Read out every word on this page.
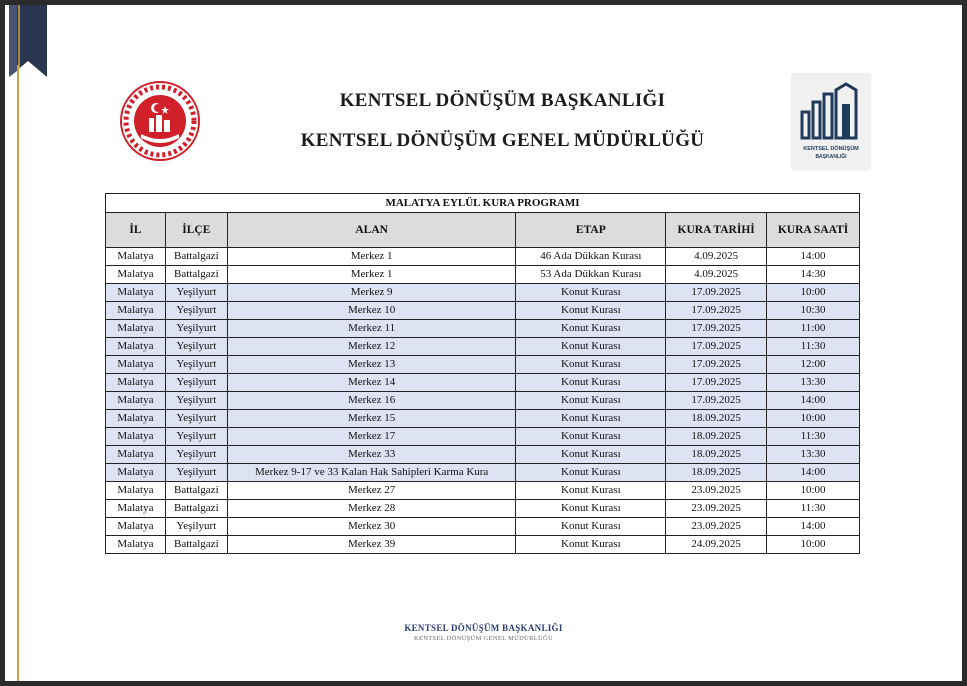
KENTSEL DÖNÜŞÜM BAŞKANLIĞI
KENTSEL DÖNÜŞÜM GENEL MÜDÜRLÜĞÜ	KENTSEL DÖNÜŞÜM
BAŞKANLIĞI
MALATYA EYLÜL KURA PROGRAMI					
İL	İLÇE	ALAN	ETAP	KURA TARİHİ	KURA SAATİ
Malatya	Battalgazi	Merkez 1	46 Ada Dükkan Kurası	4.09.2025	14:00
Malatya	Battalgazi	Merkez 1	53 Ada Dükkan Kurası	4.09.2025	14:30
Malatya	Yeşilyurt	Merkez 9	Konut Kurası	17.09.2025	10:00
Malatya	Yeşilyurt	Merkez 10	Konut Kurası	17.09.2025	10:30
Malatya	Yeşilyurt	Merkez 11	Konut Kurası	17.09.2025	11:00
Malatya	Yeşilyurt	Merkez 12	Konut Kurası	17.09.2025	11:30
Malatya	Yeşilyurt	Merkez 13	Konut Kurası	17.09.2025	12:00
Malatya	Yeşilyurt	Merkez 14	Konut Kurası	17.09.2025	13:30
Malatya	Yeşilyurt	Merkez 16	Konut Kurası	17.09.2025	14:00
Malatya	Yeşilyurt	Merkez 15	Konut Kurası	18.09.2025	10:00
Malatya	Yeşilyurt	Merkez 17	Konut Kurası	18.09.2025	11:30
Malatya	Yeşilyurt	Merkez 33	Konut Kurası	18.09.2025	13:30
Malatya	Yeşilyurt	Merkez 9-17 ve 33 Kalan Hak Sahipleri Karma Kura	Konut Kurası	18.09.2025	14:00
Malatya	Battalgazi	Merkez 27	Konut Kurası	23.09.2025	10:00
Malatya	Battalgazi	Merkez 28	Konut Kurası	23.09.2025	11:30
Malatya	Yeşilyurt	Merkez 30	Konut Kurası	23.09.2025	14:00
Malatya	Battalgazi	Merkez 39	Konut Kurası	24.09.2025	10:00
KENTSEL DÖNÜŞÜM BAŞKANLIĞI
KENTSEL DÖNÜŞÜM GENEL MÜDÜRLÜĞÜ
